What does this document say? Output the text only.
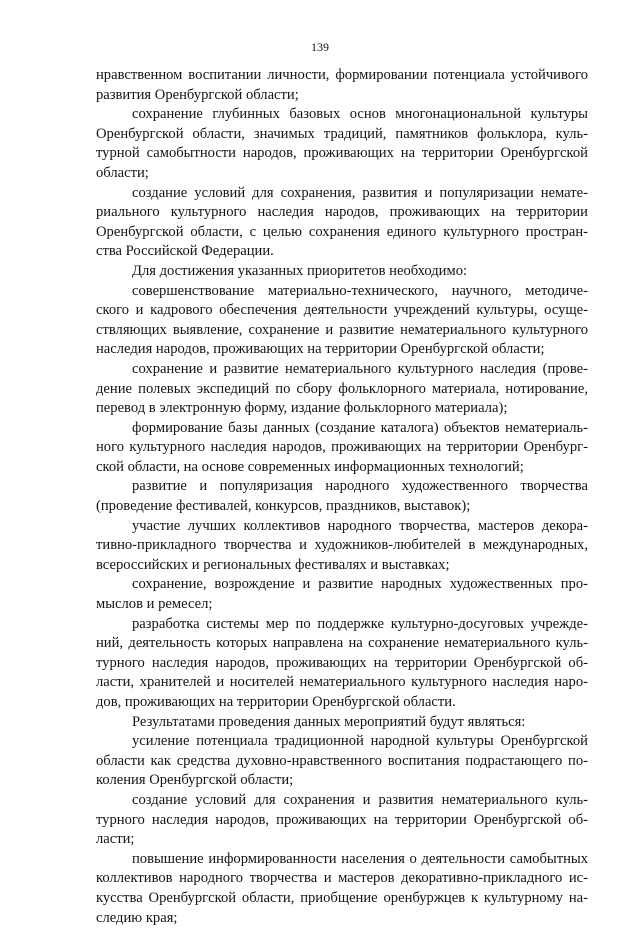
139
нравственном воспитании личности, формировании потенциала устойчивого
развития Оренбургской области;
сохранение глубинных базовых основ многонациональной культуры
Оренбургской области, значимых традиций, памятников фольклора, куль-
турной самобытности народов, проживающих на территории Оренбургской
области;
создание условий для сохранения, развития и популяризации немате-
риального культурного наследия народов, проживающих на территории
Оренбургской области, с целью сохранения единого культурного простран-
ства Российской Федерации.
Для достижения указанных приоритетов необходимо:
совершенствование материально-технического, научного, методиче-
ского и кадрового обеспечения деятельности учреждений культуры, осуще-
ствляющих выявление, сохранение и развитие нематериального культурного
наследия народов, проживающих на территории Оренбургской области;
сохранение и развитие нематериального культурного наследия (прове-
дение полевых экспедиций по сбору фольклорного материала, нотирование,
перевод в электронную форму, издание фольклорного материала);
формирование базы данных (создание каталога) объектов нематериаль-
ного культурного наследия народов, проживающих на территории Оренбург-
ской области, на основе современных информационных технологий;
развитие и популяризация народного художественного творчества
(проведение фестивалей, конкурсов, праздников, выставок);
участие лучших коллективов народного творчества, мастеров декора-
тивно-прикладного творчества и художников-любителей в международных,
всероссийских и региональных фестивалях и выставках;
сохранение, возрождение и развитие народных художественных про-
мыслов и ремесел;
разработка системы мер по поддержке культурно-досуговых учрежде-
ний, деятельность которых направлена на сохранение нематериального куль-
турного наследия народов, проживающих на территории Оренбургской об-
ласти, хранителей и носителей нематериального культурного наследия наро-
дов, проживающих на территории Оренбургской области.
Результатами проведения данных мероприятий будут являться:
усиление потенциала традиционной народной культуры Оренбургской
области как средства духовно-нравственного воспитания подрастающего по-
коления Оренбургской области;
создание условий для сохранения и развития нематериального куль-
турного наследия народов, проживающих на территории Оренбургской об-
ласти;
повышение информированности населения о деятельности самобытных
коллективов народного творчества и мастеров декоративно-прикладного ис-
кусства Оренбургской области, приобщение оренбуржцев к культурному на-
следию края;
